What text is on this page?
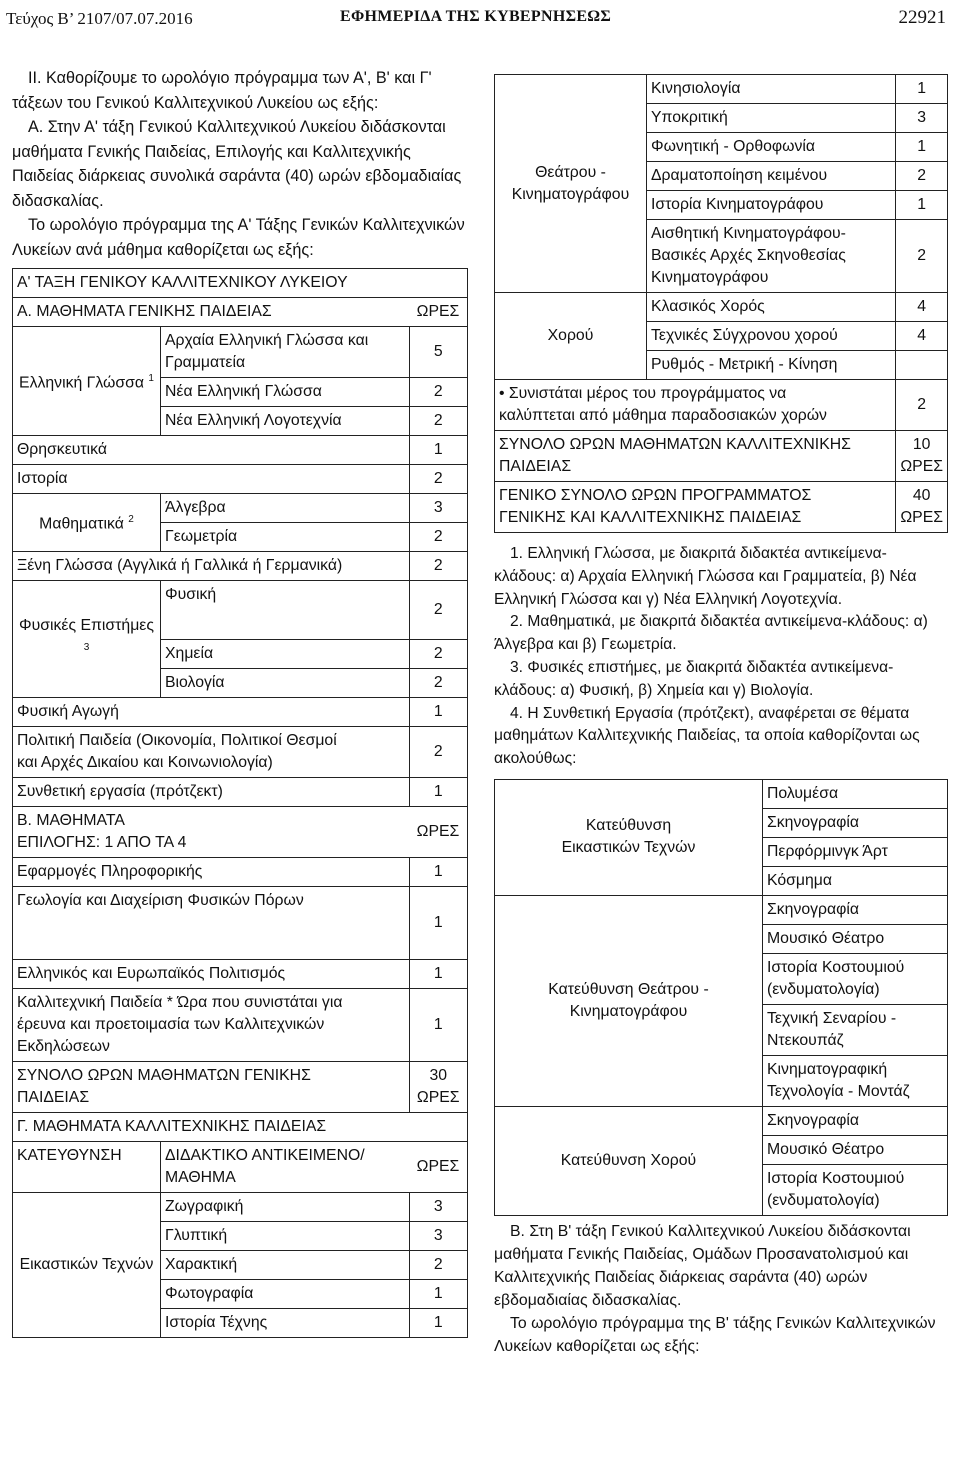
Τεύχος Β’ 2107/07.07.2016	ΕΦΗΜΕΡΙΔΑ ΤΗΣ ΚΥΒΕΡΝΗΣΕΩΣ	22921

ΙΙ. Καθορίζουμε το ωρολόγιο πρόγραμμα των Α', Β' και Γ' τάξεων του Γενικού Καλλιτεχνικού Λυκείου ως εξής:

Α. Στην Α' τάξη Γενικού Καλλιτεχνικού Λυκείου διδάσκονται μαθήματα Γενικής Παιδείας, Επιλογής και Καλλιτεχνικής Παιδείας διάρκειας συνολικά σαράντα (40) ωρών εβδομαδιαίας διδασκαλίας.

Το ωρολόγιο πρόγραμμα της Α' Τάξης Γενικών Καλλιτεχνικών Λυκείων ανά μάθημα καθορίζεται ως εξής:

Α' ΤΑΞΗ ΓΕΝΙΚΟΥ ΚΑΛΛΙΤΕΧΝΙΚΟΥ ΛΥΚΕΙΟΥ		
Α. ΜΑΘΗΜΑΤΑ ΓΕΝΙΚΗΣ ΠΑΙΔΕΙΑΣ		ΩΡΕΣ
Ελληνική Γλώσσα $^1$	Αρχαία Ελληνική Γλώσσα και Γραμματεία	5
	Νέα Ελληνική Γλώσσα	2
	Νέα Ελληνική Λογοτεχνία	2
Θρησκευτικά		1
Ιστορία		2
Μαθηματικά $^2$	Άλγεβρα	3
	Γεωμετρία	2
Ξένη Γλώσσα (Αγγλικά ή Γαλλικά ή Γερμανικά)		2
Φυσικές Επιστήμες $^3$	Φυσική	2
	Χημεία	2
	Βιολογία	2
Φυσική Αγωγή		1
Πολιτική Παιδεία (Οικονομία, Πολιτικοί Θεσμοί και Αρχές Δικαίου και Κοινωνιολογία)		2
Συνθετική εργασία (πρότζεκτ)		1
Β. ΜΑΘΗΜΑΤΑ ΕΠΙΛΟΓΗΣ: 1 ΑΠΟ ΤΑ 4		ΩΡΕΣ
Εφαρμογές Πληροφορικής		1
Γεωλογία και Διαχείριση Φυσικών Πόρων		1
Ελληνικός και Ευρωπαϊκός Πολιτισμός		1
Καλλιτεχνική Παιδεία * Ώρα που συνιστάται για έρευνα και προετοιμασία των Καλλιτεχνικών Εκδηλώσεων		1
ΣΥΝΟΛΟ ΩΡΩΝ ΜΑΘΗΜΑΤΩΝ ΓΕΝΙΚΗΣ ΠΑΙΔΕΙΑΣ		30 ΩΡΕΣ
Γ. ΜΑΘΗΜΑΤΑ ΚΑΛΛΙΤΕΧΝΙΚΗΣ ΠΑΙΔΕΙΑΣ		
ΚΑΤΕΥΘΥΝΣΗ	ΔΙΔΑΚΤΙΚΟ ΑΝΤΙΚΕΙΜΕΝΟ/ ΜΑΘΗΜΑ	ΩΡΕΣ
Εικαστικών Τεχνών	Ζωγραφική	3
	Γλυπτική	3
	Χαρακτική	2
	Φωτογραφία	1
	Ιστορία Τέχνης	1
Θεάτρου - Κινηματογράφου	Κινησιολογία	1
	Υποκριτική	3
	Φωνητική - Ορθοφωνία	1
	Δραματοποίηση κειμένου	2
	Ιστορία Κινηματογράφου	1
	Αισθητική Κινηματογράφου-Βασικές Αρχές Σκηνοθεσίας Κινηματογράφου	2
Χορού	Κλασικός Χορός	4
	Τεχνικές Σύγχρονου χορού	4
	Ρυθμός - Μετρική - Κίνηση	
• Συνιστάται μέρος του προγράμματος να καλύπτεται από μάθημα παραδοσιακών χορών		2
ΣΥΝΟΛΟ ΩΡΩΝ ΜΑΘΗΜΑΤΩΝ ΚΑΛΛΙΤΕΧΝΙΚΗΣ ΠΑΙΔΕΙΑΣ		10 ΩΡΕΣ
ΓΕΝΙΚΟ ΣΥΝΟΛΟ ΩΡΩΝ ΠΡΟΓΡΑΜΜΑΤΟΣ ΓΕΝΙΚΗΣ ΚΑΙ ΚΑΛΛΙΤΕΧΝΙΚΗΣ ΠΑΙΔΕΙΑΣ		40 ΩΡΕΣ

1. Ελληνική Γλώσσα, με διακριτά διδακτέα αντικείμενα-κλάδους: α) Αρχαία Ελληνική Γλώσσα και Γραμματεία, β) Νέα Ελληνική Γλώσσα και γ) Νέα Ελληνική Λογοτεχνία.

2. Μαθηματικά, με διακριτά διδακτέα αντικείμενα-κλάδους: α) Άλγεβρα και β) Γεωμετρία.

3. Φυσικές επιστήμες, με διακριτά διδακτέα αντικείμενα-κλάδους: α) Φυσική, β) Χημεία και γ) Βιολογία.

4. Η Συνθετική Εργασία (πρότζεκτ), αναφέρεται σε θέματα μαθημάτων Καλλιτεχνικής Παιδείας, τα οποία καθορίζονται ως ακολούθως:

Κατεύθυνση Εικαστικών Τεχνών	Πολυμέσα
	Σκηνογραφία
	Περφόρμινγκ Άρτ
	Κόσμημα
Κατεύθυνση Θεάτρου - Κινηματογράφου	Σκηνογραφία
	Μουσικό Θέατρο
	Ιστορία Κοστουμιού (ενδυματολογία)
	Τεχνική Σεναρίου - Ντεκουπάζ
	Κινηματογραφική Τεχνολογία - Μοντάζ
Κατεύθυνση Χορού	Σκηνογραφία
	Μουσικό Θέατρο
	Ιστορία Κοστουμιού (ενδυματολογία)

Β. Στη Β' τάξη Γενικού Καλλιτεχνικού Λυκείου διδάσκονται μαθήματα Γενικής Παιδείας, Ομάδων Προσανατολισμού και Καλλιτεχνικής Παιδείας διάρκειας σαράντα (40) ωρών εβδομαδιαίας διδασκαλίας.

Το ωρολόγιο πρόγραμμα της Β' τάξης Γενικών Καλλιτεχνικών Λυκείων καθορίζεται ως εξής:
